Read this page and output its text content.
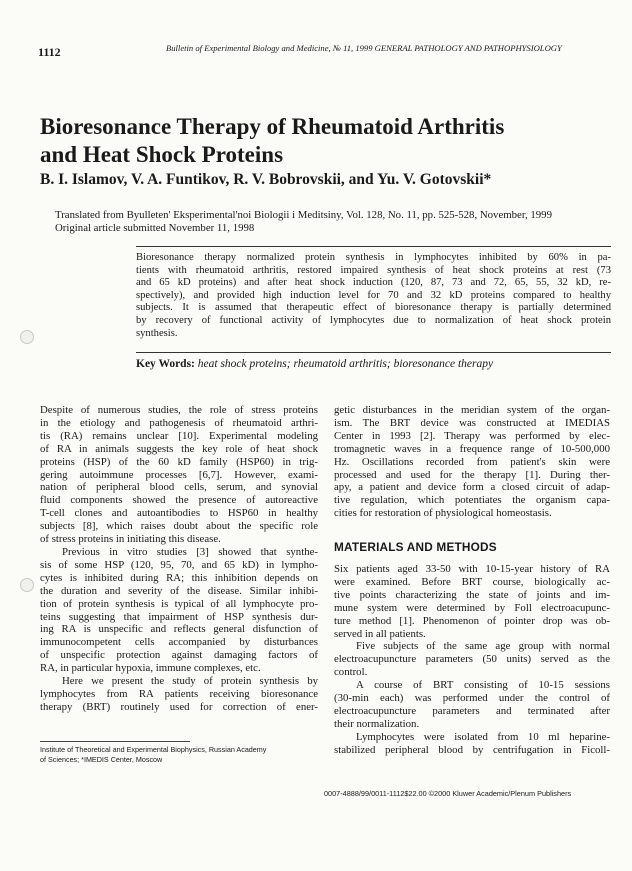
1112	Bulletin of Experimental Biology and Medicine, № 11, 1999 GENERAL PATHOLOGY AND PATHOPHYSIOLOGY
Bioresonance Therapy of Rheumatoid Arthritis
and Heat Shock Proteins
B. I. Islamov, V. A. Funtikov, R. V. Bobrovskii, and Yu. V. Gotovskii*
Translated from Byulleten' Eksperimental'noi Biologii i Meditsiny, Vol. 128, No. 11, pp. 525-528, November, 1999
Original article submitted November 11, 1998
Bioresonance therapy normalized protein synthesis in lymphocytes inhibited by 60% in pa-
tients with rheumatoid arthritis, restored impaired synthesis of heat shock proteins at rest (73
and 65 kD proteins) and after heat shock induction (120, 87, 73 and 72, 65, 55, 32 kD, re-
spectively), and provided high induction level for 70 and 32 kD proteins compared to healthy
subjects. It is assumed that therapeutic effect of bioresonance therapy is partially determined
by recovery of functional activity of lymphocytes due to normalization of heat shock protein
synthesis.
Key Words: heat shock proteins; rheumatoid arthritis; bioresonance therapy
Despite of numerous studies, the role of stress proteins
in the etiology and pathogenesis of rheumatoid arthri-
tis (RA) remains unclear [10]. Experimental modeling
of RA in animals suggests the key role of heat shock
proteins (HSP) of the 60 kD family (HSP60) in trig-
gering autoimmune processes [6,7]. However, exami-
nation of peripheral blood cells, serum, and synovial
fluid components showed the presence of autoreactive
T-cell clones and autoantibodies to HSP60 in healthy
subjects [8], which raises doubt about the specific role
of stress proteins in initiating this disease.
Previous in vitro studies [3] showed that synthe-
sis of some HSP (120, 95, 70, and 65 kD) in lympho-
cytes is inhibited during RA; this inhibition depends on
the duration and severity of the disease. Similar inhibi-
tion of protein synthesis is typical of all lymphocyte pro-
teins suggesting that impairment of HSP synthesis dur-
ing RA is unspecific and reflects general disfunction of
immunocompetent cells accompanied by disturbances
of unspecific protection against damaging factors of
RA, in particular hypoxia, immune complexes, etc.
Here we present the study of protein synthesis by
lymphocytes from RA patients receiving bioresonance
therapy (BRT) routinely used for correction of ener-
getic disturbances in the meridian system of the organ-
ism. The BRT device was constructed at IMEDIAS
Center in 1993 [2]. Therapy was performed by elec-
tromagnetic waves in a frequence range of 10-500,000
Hz. Oscillations recorded from patient's skin were
processed and used for the therapy [1]. During ther-
apy, a patient and device form a closed circuit of adap-
tive regulation, which potentiates the organism capa-
cities for restoration of physiological homeostasis.
MATERIALS AND METHODS
Six patients aged 33-50 with 10-15-year history of RA
were examined. Before BRT course, biologically ac-
tive points characterizing the state of joints and im-
mune system were determined by Foll electroacupunc-
ture method [1]. Phenomenon of pointer drop was ob-
served in all patients.
Five subjects of the same age group with normal
electroacupuncture parameters (50 units) served as the
control.
A course of BRT consisting of 10-15 sessions
(30-min each) was performed under the control of
electroacupuncture parameters and terminated after
their normalization.
Lymphocytes were isolated from 10 ml heparine-
stabilized peripheral blood by centrifugation in Ficoll-
Institute of Theoretical and Experimental Biophysics, Russian Academy
of Sciences; *IMEDIS Center, Moscow
0007-4888/99/0011-1112$22.00 ©2000 Kluwer Academic/Plenum Publishers
